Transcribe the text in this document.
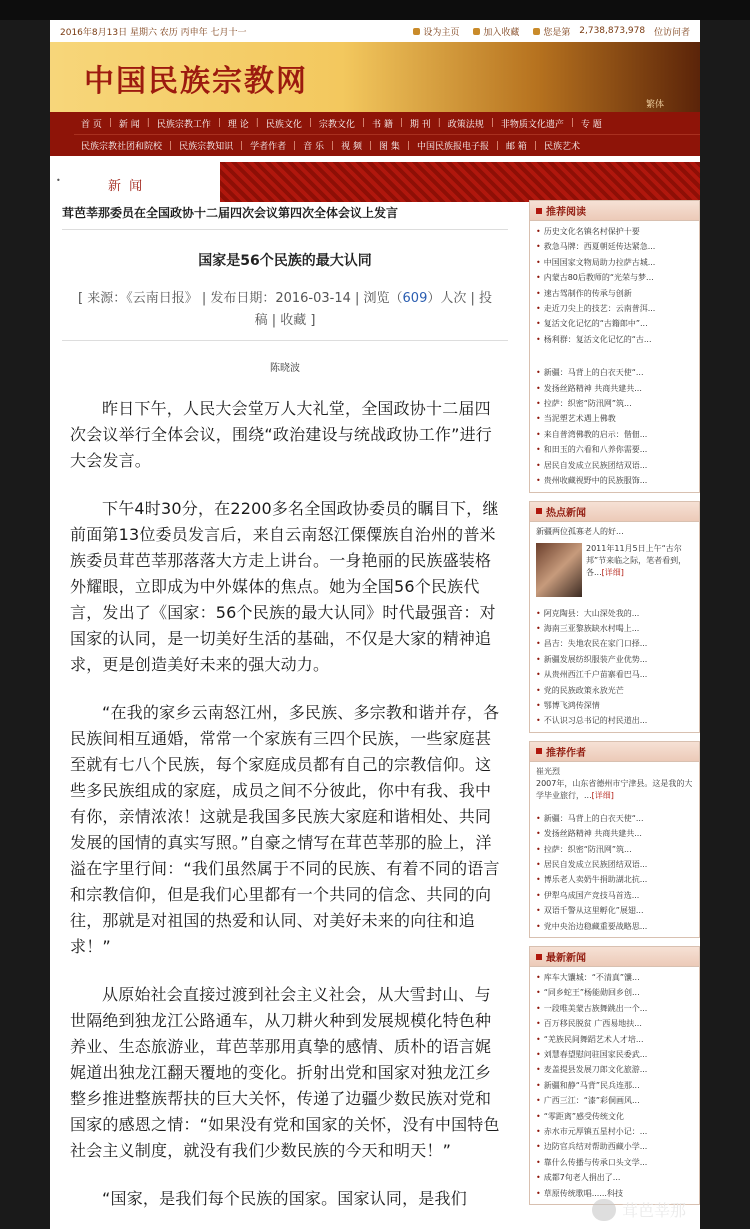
2016年8月13日 星期六 农历 丙申年 七月十一	设为主页	加入收藏	您是第
2,738,873,978
位访问者
中国民族宗教网
繁体
首 页 | 新 闻 | 民族宗教工作 | 理 论 | 民族文化 | 宗教文化 | 书 籍 | 期 刊 | 政策法规 | 非物质文化遗产 | 专 题
民族宗教社团和院校 | 民族宗教知识 | 学者作者 | 音 乐 | 视 频 | 图 集 | 中国民族报电子报 | 邮 箱 | 民族艺术
•	新 闻
茸芭莘那委员在全国政协十二届四次会议第四次全体会议上发言
国家是56个民族的最大认同
[ 来源：《云南日报》 | 发布日期：2016-03-14 | 浏览（609）人次 | 投稿 | 收藏 ]
陈晓波

昨日下午，人民大会堂万人大礼堂，全国政协十二届四次会议举行全体会议，围绕“政治建设与统战政协工作”进行大会发言。

下午4时30分，在2200多名全国政协委员的瞩目下，继前面第13位委员发言后，来自云南怒江傈僳族自治州的普米族委员茸芭莘那落落大方走上讲台。一身艳丽的民族盛装格外耀眼，立即成为中外媒体的焦点。她为全国56个民族代言，发出了《国家：56个民族的最大认同》时代最强音：对国家的认同，是一切美好生活的基础，不仅是大家的精神追求，更是创造美好未来的强大动力。

“在我的家乡云南怒江州，多民族、多宗教和谐并存，各民族间相互通婚，常常一个家族有三四个民族，一些家庭甚至就有七八个民族，每个家庭成员都有自己的宗教信仰。这些多民族组成的家庭，成员之间不分彼此，你中有我、我中有你，亲情浓浓！这就是我国多民族大家庭和谐相处、共同发展的国情的真实写照。”自豪之情写在茸芭莘那的脸上，洋溢在字里行间：“我们虽然属于不同的民族、有着不同的语言和宗教信仰，但是我们心里都有一个共同的信念、共同的向往，那就是对祖国的热爱和认同、对美好未来的向往和追求！”

从原始社会直接过渡到社会主义社会，从大雪封山、与世隔绝到独龙江公路通车，从刀耕火种到发展规模化特色种养业、生态旅游业，茸芭莘那用真挚的感情、质朴的语言娓娓道出独龙江翻天覆地的变化。折射出党和国家对独龙江乡整乡推进整族帮扶的巨大关怀，传递了边疆少数民族对党和国家的感恩之情：“如果没有党和国家的关怀，没有中国特色社会主义制度，就没有我们少数民族的今天和明天！”

“国家，是我们每个民族的国家。国家认同，是我们

推荐阅读
• 历史文化名镇名村保护十要
• 救急马牌：西夏朝廷传达紧急...
• 中国国家文物局助力拉萨古城...
• 内蒙古80后教师的“光荣与梦...
• 速古驾制作的传承与创新
• 走近刀尖上的技艺：云南普洱...
• 复活文化记忆的“古籍郎中”...
• 杨利群：复活文化记忆的“古...
• 新疆：马背上的白衣天使“...
• 发扬丝路精神 共商共建共...
• 拉萨：织密“防汛网”筑...
• 当泥塑艺术遇上佛教
• 来自普湾佛教的启示：偕佃...
• 和田玉的六看和八养你需要...
• 居民自发成立民族团结双语...
• 贵州收藏视野中的民族服饰...
热点新闻
新疆两位孤寡老人的好...
2011年11月5日上午“古尔邦”节来临之际，笔者看到，各...[详细]
• 阿克陶县：大山深处我的...
• 海南三亚黎族缺水村喝上...
• 昌吉：失地农民在家门口择...
• 新疆发展纺织服装产业优势...
• 从贵州西江千户苗寨看巴马...
• 党的民族政策永放光芒
• 鄂博飞鸿传深情
• 不认识习总书记的村民道出...
推荐作者
崔光烈
2007年，山东省德州市宁津县。这是我的大学毕业旅行，...[详细]
• 新疆：马背上的白衣天使“...
• 发扬丝路精神 共商共建共...
• 拉萨：织密“防汛网”筑...
• 居民自发成立民族团结双语...
• 博乐老人卖奶牛捐助湖北抗...
• 伊犁乌成国产竞技马首选...
• 双语千警从这里孵化”展翅...
• 党中央治边稳藏重要战略思...
最新新闻
• 库车大馕城：“不清真”馕...
• “同乡蛇王”杨能勋回乡创...
• 一段唯美蒙古族舞跳出一个...
• 百万移民脱贫 广西易地扶...
• “羌族民间舞蹈艺术人才培...
• 刘慧春望慰问驻国家民委武...
• 麦盖提县发展刀郎文化旅游...
• 新疆和静“马背”民兵连那...
• 广西三江：“漆”彩侗画风...
• “零距离”感受传统文化
• 赤水市元厚镇五星村小记：...
• 边防官兵结对帮助西藏小学...
• 靠什么传播与传承口头文学...
• 成都7旬老人捐出了...
• 草原传统歌唱......科技
茸芭莘那
